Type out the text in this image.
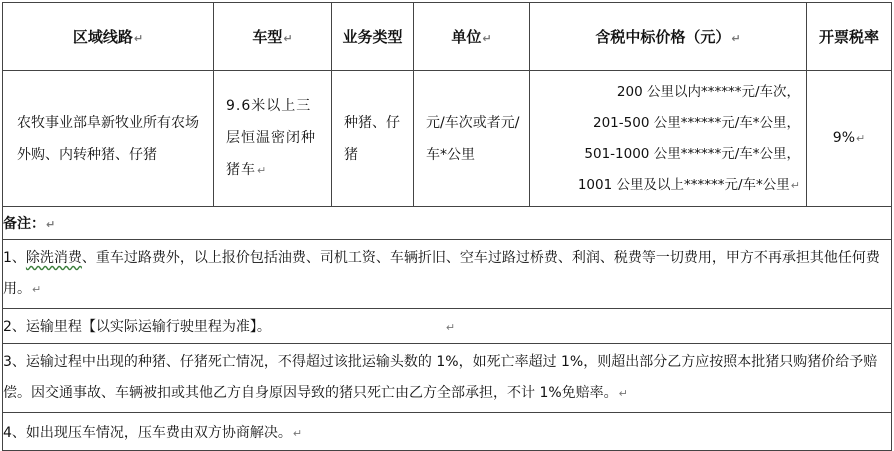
区域线路↵	车型↵	业务类型	单位↵	含税中标价格（元）↵	开票税率

农牧事业部阜新牧业所有农场外购、内转种猪、仔猪	9.6米以上三层恒温密闭种猪车↵	种猪、仔猪	元/车次或者元/车*公里	200 公里以内******元/车次，
201-500 公里******元/车*公里，
501-1000 公里******元/车*公里，
1001 公里及以上******元/车*公里↵	9%↵

备注：↵					
1、除洗消费、重车过路费外，以上报价包括油费、司机工资、车辆折旧、空车过路过桥费、利润、税费等一切费用，甲方不再承担其他任何费用。↵					
2、运输里程【以实际运输行驶里程为准】。 ↵					
3、运输过程中出现的种猪、仔猪死亡情况，不得超过该批运输头数的 1%，如死亡率超过 1%，则超出部分乙方应按照本批猪只购猪价给予赔偿。因交通事故、车辆被扣或其他乙方自身原因导致的猪只死亡由乙方全部承担，不计 1%免赔率。↵					
4、如出现压车情况，压车费由双方协商解决。↵					
